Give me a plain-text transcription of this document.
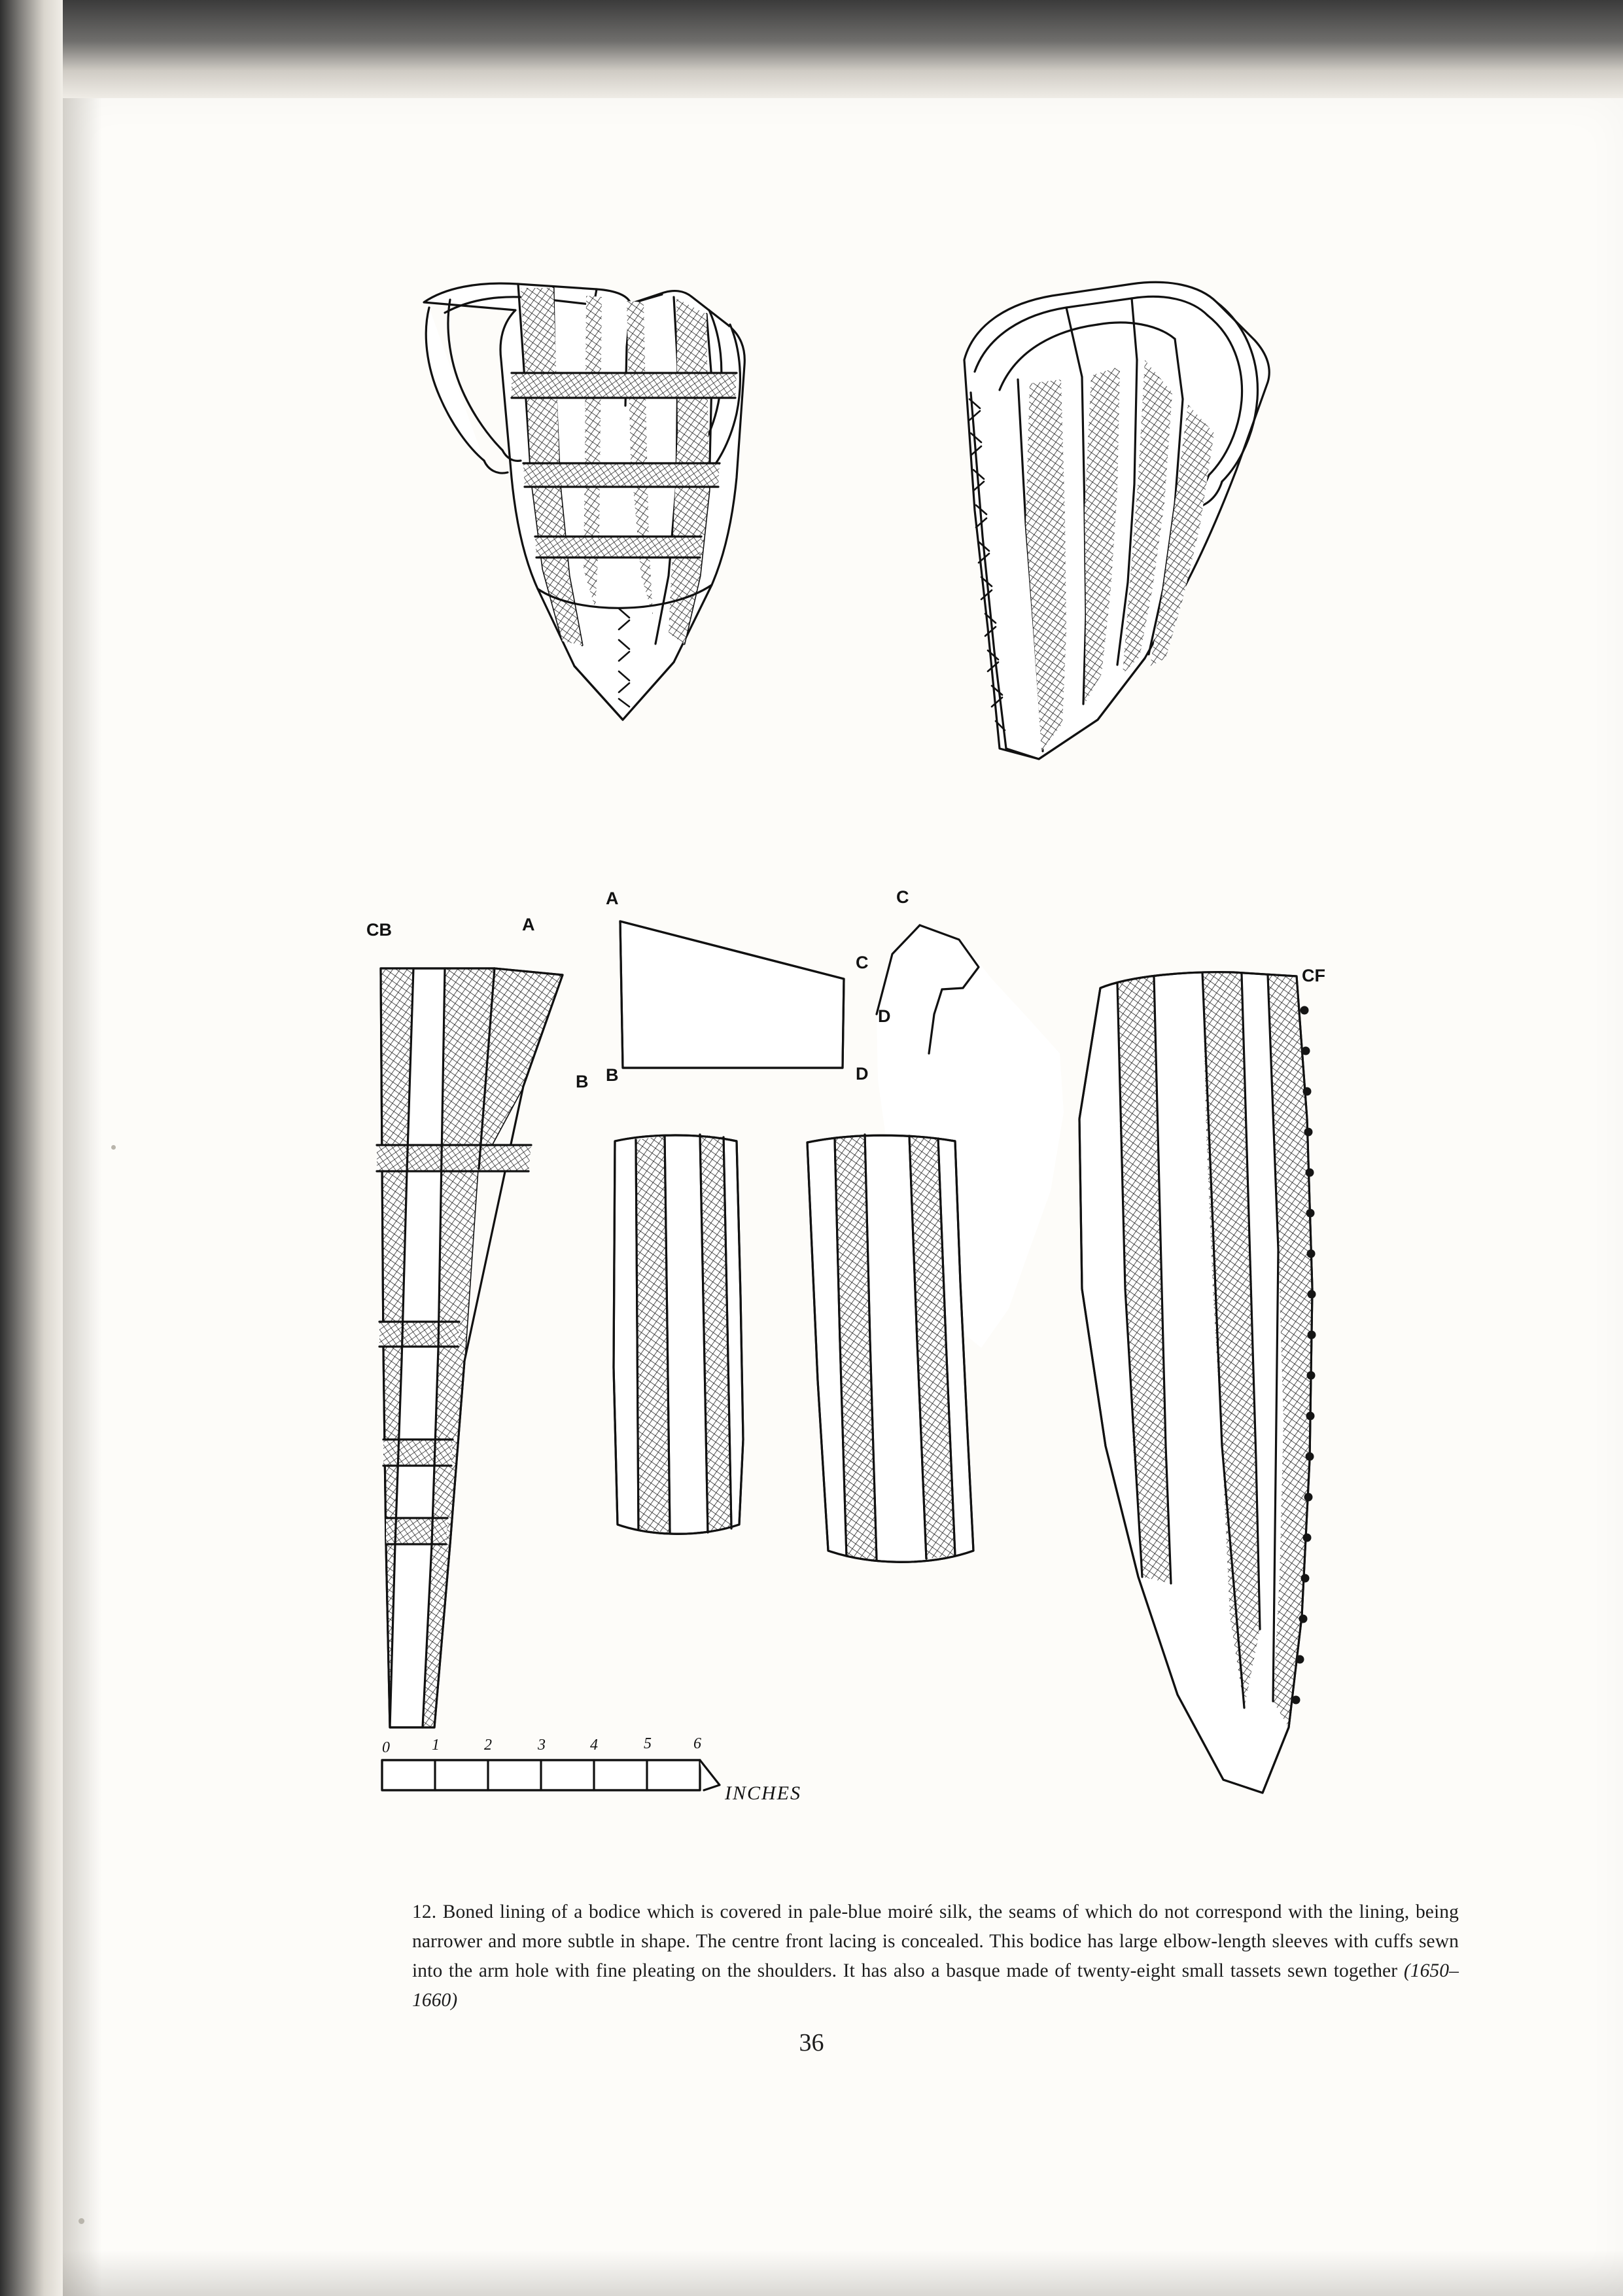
CB	A
B
A
B
C
D
C
D
CF
0	1	2	3	4	5	6
INCHES
12. Boned lining of a bodice which is covered in pale-blue moiré silk, the seams of which do not correspond with the lining, being narrower and more subtle in shape. The centre front lacing is concealed. This bodice has large elbow-length sleeves with cuffs sewn into the arm hole with fine pleating on the shoulders. It has also a basque made of twenty-eight small tassets sewn together (1650–1660)
36
